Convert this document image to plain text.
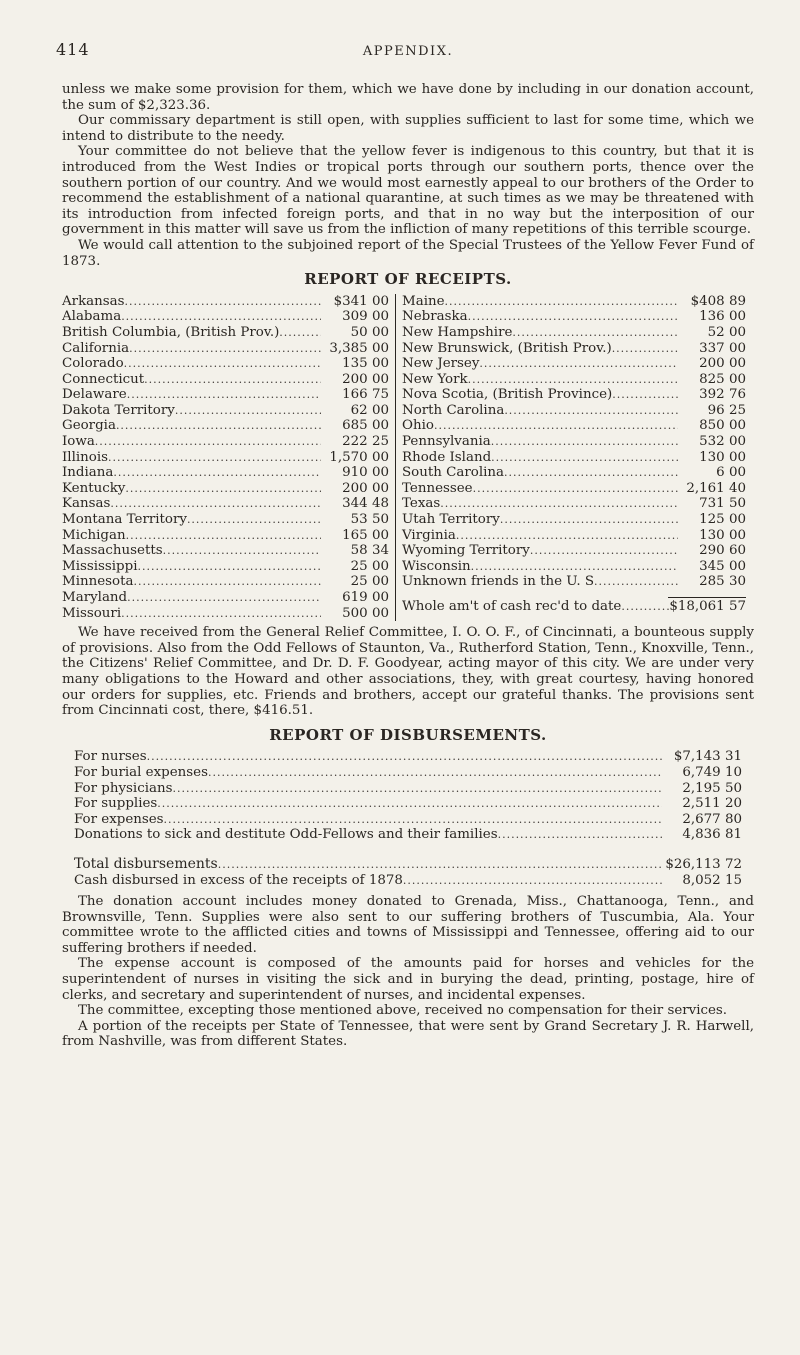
414	APPENDIX.

unless we make some provision for them, which we have done by including in our donation account, the sum of $2,323.36.

Our commissary department is still open, with supplies sufficient to last for some time, which we intend to distribute to the needy.

Your committee do not believe that the yellow fever is indigenous to this country, but that it is introduced from the West Indies or tropical ports through our southern ports, thence over the southern portion of our country. And we would most earnestly appeal to our brothers of the Order to recommend the establishment of a national quarantine, at such times as we may be threatened with its introduction from infected foreign ports, and that in no way but the interposition of our government in this matter will save us from the infliction of many repetitions of this terrible scourge.

We would call attention to the subjoined report of the Special Trustees of the Yellow Fever Fund of 1873.

REPORT OF RECEIPTS.
Arkansas .....	$341 00
Alabama .....	309 00
British Columbia, (British Prov.) .....	50 00
California .....	3,385 00
Colorado .....	135 00
Connecticut .....	200 00
Delaware .....	166 75
Dakota Territory .....	62 00
Georgia .....	685 00
Iowa .....	222 25
Illinois .....	1,570 00
Indiana .....	910 00
Kentucky .....	200 00
Kansas .....	344 48
Montana Territory .....	53 50
Michigan .....	165 00
Massachusetts .....	58 34
Mississippi .....	25 00
Minnesota .....	25 00
Maryland .....	619 00
Missouri .....	500 00
Maine .....	$408 89
Nebraska .....	136 00
New Hampshire .....	52 00
New Brunswick, (British Prov.) .....	337 00
New Jersey .....	200 00
New York .....	825 00
Nova Scotia, (British Province) .....	392 76
North Carolina .....	96 25
Ohio .....	850 00
Pennsylvania .....	532 00
Rhode Island .....	130 00
South Carolina .....	6 00
Tennessee .....	2,161 40
Texas .....	731 50
Utah Territory .....	125 00
Virginia .....	130 00
Wyoming Territory .....	290 60
Wisconsin .....	345 00
Unknown friends in the U. S .....	285 30
Whole am't of cash rec'd to date .....	$18,061 57

We have received from the General Relief Committee, I. O. O. F., of Cincinnati, a bounteous supply of provisions. Also from the Odd Fellows of Staunton, Va., Rutherford Station, Tenn., Knoxville, Tenn., the Citizens' Relief Committee, and Dr. D. F. Goodyear, acting mayor of this city. We are under very many obligations to the Howard and other associations, they, with great courtesy, having honored our orders for supplies, etc. Friends and brothers, accept our grateful thanks. The provisions sent from Cincinnati cost, there, $416.51.

REPORT OF DISBURSEMENTS.
For nurses .....	$7,143 31
For burial expenses .....	6,749 10
For physicians .....	2,195 50
For supplies .....	2,511 20
For expenses .....	2,677 80
Donations to sick and destitute Odd-Fellows and their families .....	4,836 81
Total disbursements .....	$26,113 72
Cash disbursed in excess of the receipts of 1878 .....	8,052 15

The donation account includes money donated to Grenada, Miss., Chattanooga, Tenn., and Brownsville, Tenn. Supplies were also sent to our suffering brothers of Tuscumbia, Ala. Your committee wrote to the afflicted cities and towns of Mississippi and Tennessee, offering aid to our suffering brothers if needed.

The expense account is composed of the amounts paid for horses and vehicles for the superintendent of nurses in visiting the sick and in burying the dead, printing, postage, hire of clerks, and secretary and superintendent of nurses, and incidental expenses.

The committee, excepting those mentioned above, received no compensation for their services.

A portion of the receipts per State of Tennessee, that were sent by Grand Secretary J. R. Harwell, from Nashville, was from different States.
